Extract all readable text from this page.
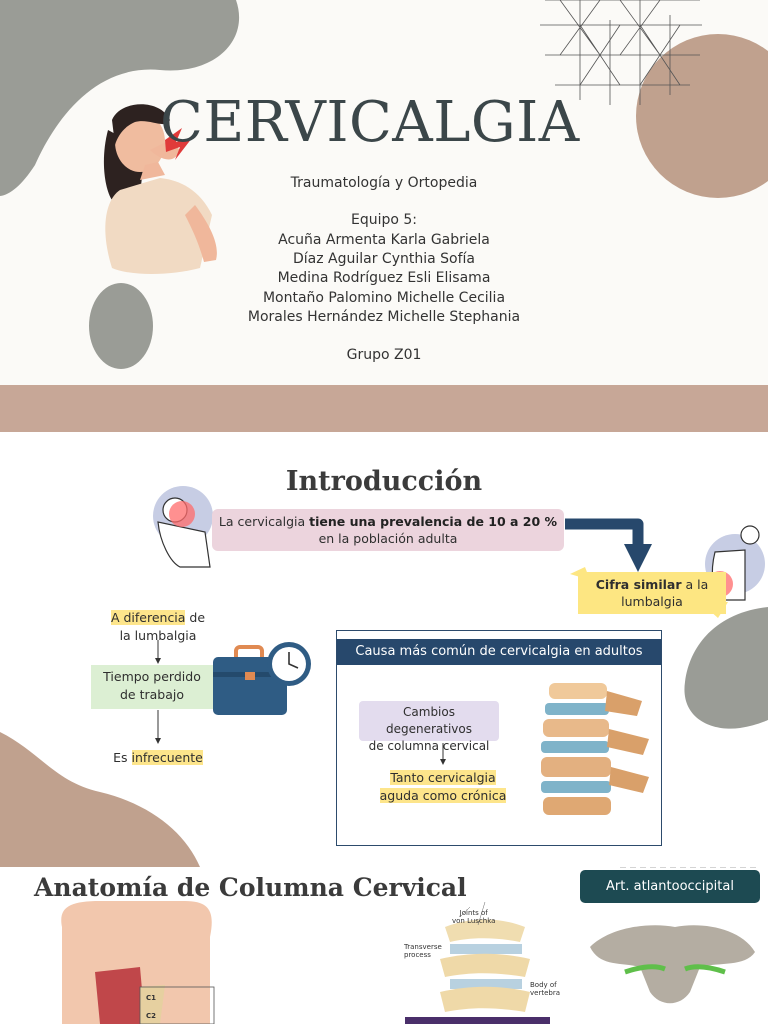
CERVICALGIA
Traumatología y Ortopedia
Equipo 5:
Acuña Armenta Karla Gabriela
Díaz Aguilar Cynthia Sofía
Medina Rodríguez Esli Elisama
Montaño Palomino Michelle Cecilia
Morales Hernández Michelle Stephania
Grupo Z01
Introducción
La cervicalgia tiene una prevalencia de 10 a 20 %
en la población adulta
Cifra similar a la
lumbalgia
A diferencia de
la lumbalgia
Tiempo perdido
de trabajo
Es infrecuente
Causa más común de cervicalgia en adultos
Cambios degenerativos
de columna cervical
Tanto cervicalgia
aguda como crónica
Anatomía de Columna Cervical	Art. atlantooccipital
Joints of
von Luschka
Transverse
process
Body of
vertebra
C1
C2
